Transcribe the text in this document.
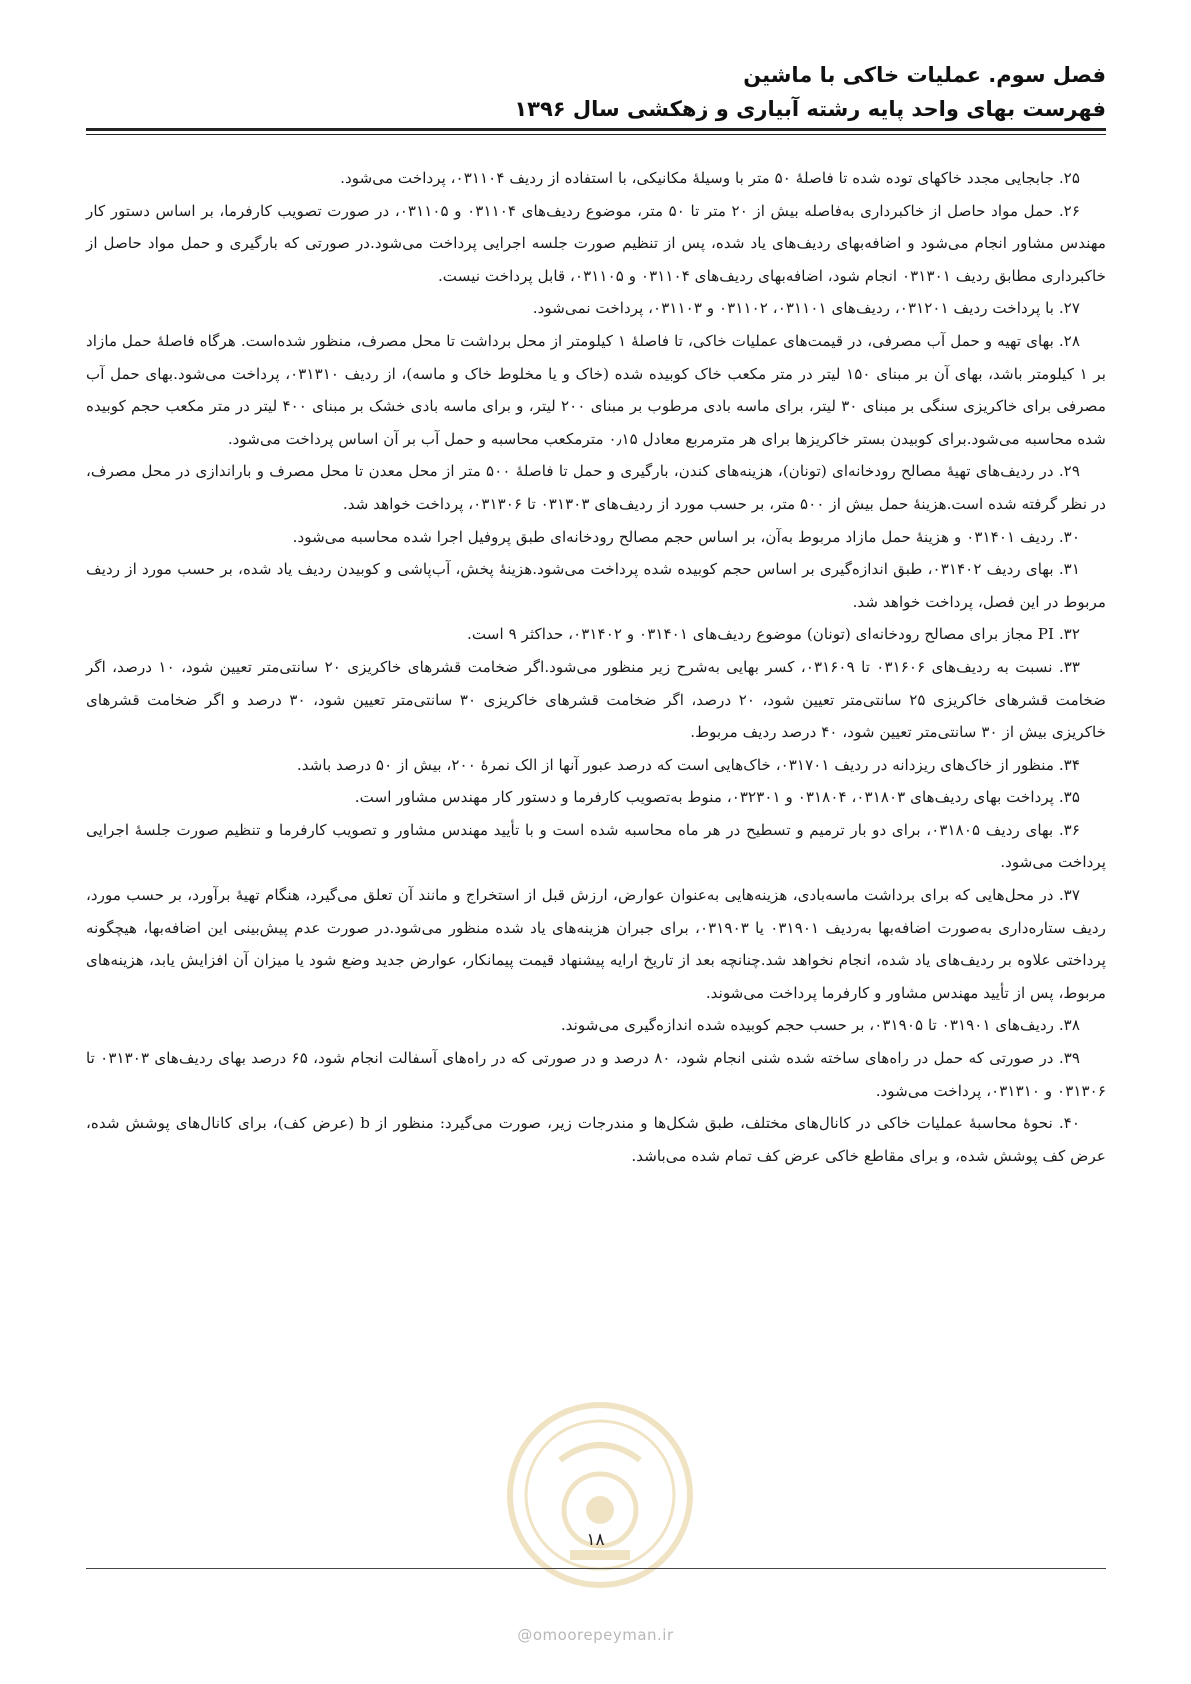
فصل سوم. عملیات خاکی با ماشین
فهرست بهای واحد پایه رشته آبیاری و زهکشی سال ۱۳۹۶

۲۵. جابجایی مجدد خاکهای توده شده تا فاصلهٔ ۵۰ متر با وسیلهٔ مکانیکی، با استفاده از ردیف ۰۳۱۱۰۴، پرداخت می‌شود.

۲۶. حمل مواد حاصل از خاکبرداری به‌فاصله بیش از ۲۰ متر تا ۵۰ متر، موضوع ردیف‌های ۰۳۱۱۰۴ و ۰۳۱۱۰۵، در صورت تصویب کارفرما، بر اساس دستور کار مهندس مشاور انجام می‌شود و اضافه‌بهای ردیف‌های یاد شده، پس از تنظیم صورت جلسه اجرایی پرداخت می‌شود.در صورتی که بارگیری و حمل مواد حاصل از خاکبرداری مطابق ردیف ۰۳۱۳۰۱ انجام شود، اضافه‌بهای ردیف‌های ۰۳۱۱۰۴ و ۰۳۱۱۰۵، قابل پرداخت نیست.

۲۷. با پرداخت ردیف ۰۳۱۲۰۱، ردیف‌های ۰۳۱۱۰۱، ۰۳۱۱۰۲ و ۰۳۱۱۰۳، پرداخت نمی‌شود.

۲۸. بهای تهیه و حمل آب مصرفی، در قیمت‌های عملیات خاکی، تا فاصلهٔ ۱ کیلومتر از محل برداشت تا محل مصرف، منظور شده‌است. هرگاه فاصلهٔ حمل مازاد بر ۱ کیلومتر باشد، بهای آن بر مبنای ۱۵۰ لیتر در متر مکعب خاک کوبیده شده (خاک و یا مخلوط خاک و ماسه)، از ردیف ۰۳۱۳۱۰، پرداخت می‌شود.بهای حمل آب مصرفی برای خاکریزی سنگی بر مبنای ۳۰ لیتر، برای ماسه بادی مرطوب بر مبنای ۲۰۰ لیتر، و برای ماسه بادی خشک بر مبنای ۴۰۰ لیتر در متر مکعب حجم کوبیده شده محاسبه می‌شود.برای کوبیدن بستر خاکریزها برای هر مترمربع معادل ۰٫۱۵ مترمکعب محاسبه و حمل آب بر آن اساس پرداخت می‌شود.

۲۹. در ردیف‌های تهیهٔ مصالح رودخانه‌ای (تونان)، هزینه‌های کندن، بارگیری و حمل تا فاصلهٔ ۵۰۰ متر از محل معدن تا محل مصرف و باراندازی در محل مصرف، در نظر گرفته شده است.هزینهٔ حمل بیش از ۵۰۰ متر، بر حسب مورد از ردیف‌های ۰۳۱۳۰۳ تا ۰۳۱۳۰۶، پرداخت خواهد شد.

۳۰. ردیف ۰۳۱۴۰۱ و هزینهٔ حمل مازاد مربوط به‌آن، بر اساس حجم مصالح رودخانه‌ای طبق پروفیل اجرا شده محاسبه می‌شود.

۳۱. بهای ردیف ۰۳۱۴۰۲، طبق اندازه‌گیری بر اساس حجم کوبیده شده پرداخت می‌شود.هزینهٔ پخش، آب‌پاشی و کوبیدن ردیف یاد شده، بر حسب مورد از ردیف مربوط در این فصل، پرداخت خواهد شد.

۳۲. PI مجاز برای مصالح رودخانه‌ای (تونان) موضوع ردیف‌های ۰۳۱۴۰۱ و ۰۳۱۴۰۲، حداکثر ۹ است.

۳۳. نسبت به ردیف‌های ۰۳۱۶۰۶ تا ۰۳۱۶۰۹، کسر بهایی به‌شرح زیر منظور می‌شود.اگر ضخامت قشرهای خاکریزی ۲۰ سانتی‌متر تعیین شود، ۱۰ درصد، اگر ضخامت قشرهای خاکریزی ۲۵ سانتی‌متر تعیین شود، ۲۰ درصد، اگر ضخامت قشرهای خاکریزی ۳۰ سانتی‌متر تعیین شود، ۳۰ درصد و اگر ضخامت قشرهای خاکریزی بیش از ۳۰ سانتی‌متر تعیین شود، ۴۰ درصد ردیف مربوط.

۳۴. منظور از خاک‌های ریزدانه در ردیف ۰۳۱۷۰۱، خاک‌هایی است که درصد عبور آنها از الک نمرهٔ ۲۰۰، بیش از ۵۰ درصد باشد.

۳۵. پرداخت بهای ردیف‌های ۰۳۱۸۰۳، ۰۳۱۸۰۴ و ۰۳۲۳۰۱، منوط به‌تصویب کارفرما و دستور کار مهندس مشاور است.

۳۶. بهای ردیف ۰۳۱۸۰۵، برای دو بار ترمیم و تسطیح در هر ماه محاسبه شده است و با تأیید مهندس مشاور و تصویب کارفرما و تنظیم صورت جلسهٔ اجرایی پرداخت می‌شود.

۳۷. در محل‌هایی که برای برداشت ماسه‌بادی، هزینه‌هایی به‌عنوان عوارض، ارزش قبل از استخراج و مانند آن تعلق می‌گیرد، هنگام تهیهٔ برآورد، بر حسب مورد، ردیف ستاره‌داری به‌صورت اضافه‌بها به‌ردیف ۰۳۱۹۰۱ یا ۰۳۱۹۰۳، برای جبران هزینه‌های یاد شده منظور می‌شود.در صورت عدم پیش‌بینی این اضافه‌بها، هیچگونه پرداختی علاوه بر ردیف‌های یاد شده، انجام نخواهد شد.چنانچه بعد از تاریخ ارایه پیشنهاد قیمت پیمانکار، عوارض جدید وضع شود یا میزان آن افزایش یابد، هزینه‌های مربوط، پس از تأیید مهندس مشاور و کارفرما پرداخت می‌شوند.

۳۸. ردیف‌های ۰۳۱۹۰۱ تا ۰۳۱۹۰۵، بر حسب حجم کوبیده شده اندازه‌گیری می‌شوند.

۳۹. در صورتی که حمل در راه‌های ساخته شده شنی انجام شود، ۸۰ درصد و در صورتی که در راه‌های آسفالت انجام شود، ۶۵ درصد بهای ردیف‌های ۰۳۱۳۰۳ تا ۰۳۱۳۰۶ و ۰۳۱۳۱۰، پرداخت می‌شود.

۴۰. نحوهٔ محاسبهٔ عملیات خاکی در کانال‌های مختلف، طبق شکل‌ها و مندرجات زیر، صورت می‌گیرد: منظور از b (عرض کف)، برای کانال‌های پوشش شده، عرض کف پوشش شده، و برای مقاطع خاکی عرض کف تمام شده می‌باشد.

۱۸
@omoorepeyman.ir
